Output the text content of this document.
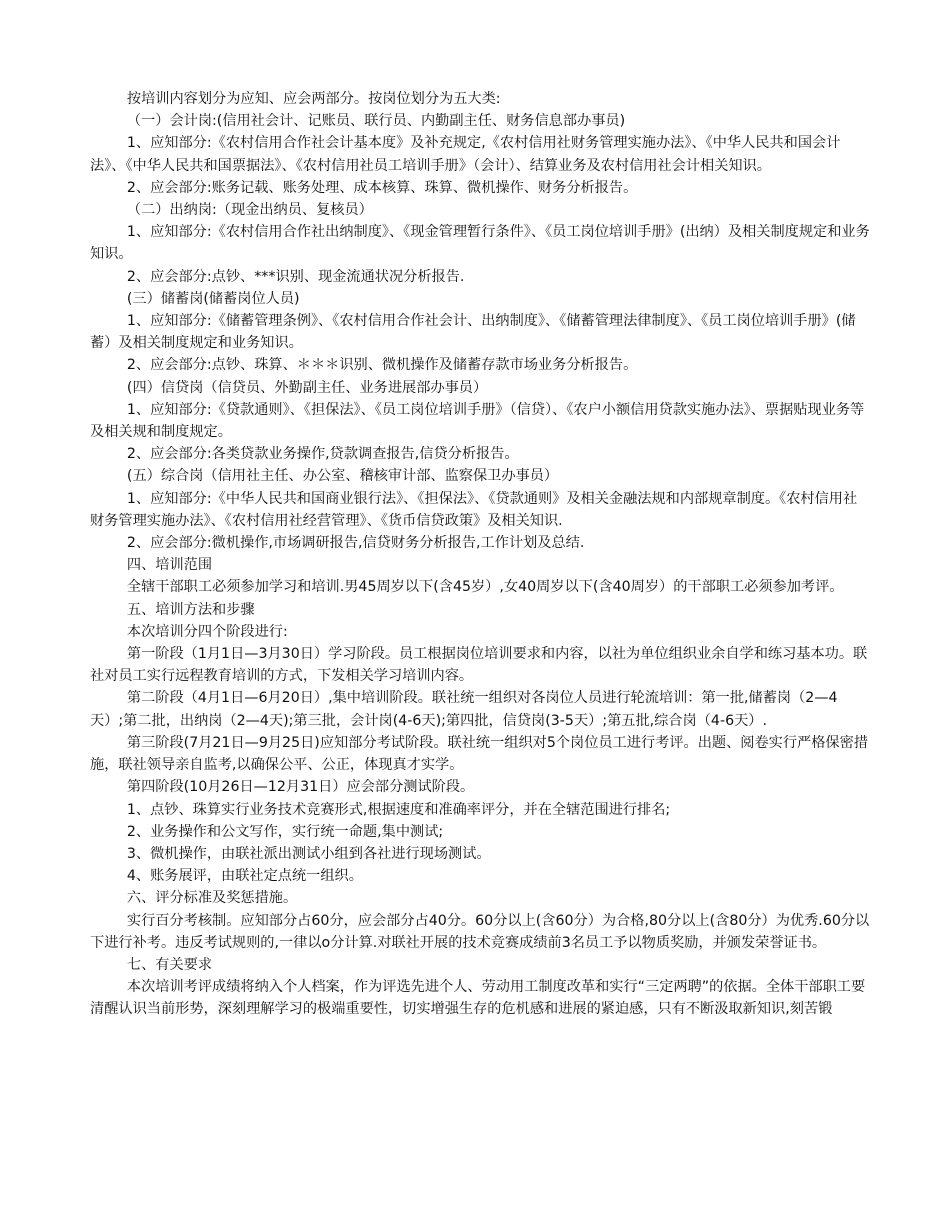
按培训内容划分为应知、应会两部分。按岗位划分为五大类:

（一）会计岗:(信用社会计、记账员、联行员、内勤副主任、财务信息部办事员)

1、应知部分:《农村信用合作社会计基本度》及补充规定,《农村信用社财务管理实施办法》、《中华人民共和国会计法》、《中华人民共和国票据法》、《农村信用社员工培训手册》（会计）、结算业务及农村信用社会计相关知识。

2、应会部分:账务记载、账务处理、成本核算、珠算、微机操作、财务分析报告。

（二）出纳岗:（现金出纳员、复核员）

1、应知部分:《农村信用合作社出纳制度》、《现金管理暂行条件》、《员工岗位培训手册》(出纳）及相关制度规定和业务知识。

2、应会部分:点钞、***识别、现金流通状况分析报告.

(三）储蓄岗(储蓄岗位人员)

1、应知部分:《储蓄管理条例》、《农村信用合作社会计、出纳制度》、《储蓄管理法律制度》、《员工岗位培训手册》(储蓄）及相关制度规定和业务知识。

2、应会部分:点钞、珠算、＊＊＊识别、微机操作及储蓄存款市场业务分析报告。

(四）信贷岗（信贷员、外勤副主任、业务进展部办事员）

1、应知部分:《贷款通则》、《担保法》、《员工岗位培训手册》（信贷）、《农户小额信用贷款实施办法》、票据贴现业务等及相关规和制度规定。

2、应会部分:各类贷款业务操作,贷款调查报告,信贷分析报告。

(五）综合岗（信用社主任、办公室、稽核审计部、监察保卫办事员）

1、应知部分:《中华人民共和国商业银行法》、《担保法》、《贷款通则》及相关金融法规和内部规章制度。《农村信用社财务管理实施办法》、《农村信用社经营管理》、《货币信贷政策》及相关知识.

2、应会部分:微机操作,市场调研报告,信贷财务分析报告,工作计划及总结.

四、培训范围

全辖干部职工必须参加学习和培训.男45周岁以下(含45岁）,女40周岁以下(含40周岁）的干部职工必须参加考评。

五、培训方法和步骤

本次培训分四个阶段进行:

第一阶段（1月1日—3月30日）学习阶段。员工根据岗位培训要求和内容，以社为单位组织业余自学和练习基本功。联社对员工实行远程教育培训的方式，下发相关学习培训内容。

第二阶段（4月1日—6月20日）,集中培训阶段。联社统一组织对各岗位人员进行轮流培训：第一批,储蓄岗（2—4天）;第二批，出纳岗（2—4天);第三批，会计岗(4-6天);第四批，信贷岗(3-5天）;第五批,综合岗（4-6天）.

第三阶段(7月21日—9月25日)应知部分考试阶段。联社统一组织对5个岗位员工进行考评。出题、阅卷实行严格保密措施，联社领导亲自监考,以确保公平、公正，体现真才实学。

第四阶段(10月26日—12月31日）应会部分测试阶段。

1、点钞、珠算实行业务技术竞赛形式,根据速度和准确率评分，并在全辖范围进行排名;

2、业务操作和公文写作，实行统一命题,集中测试;

3、微机操作，由联社派出测试小组到各社进行现场测试。

4、账务展评，由联社定点统一组织。

六、评分标准及奖惩措施。

实行百分考核制。应知部分占60分，应会部分占40分。60分以上(含60分）为合格,80分以上(含80分）为优秀.60分以下进行补考。违反考试规则的,一律以o分计算.对联社开展的技术竞赛成绩前3名员工予以物质奖励，并颁发荣誉证书。

七、有关要求

本次培训考评成绩将纳入个人档案，作为评选先进个人、劳动用工制度改革和实行“三定两聘”的依据。全体干部职工要清醒认识当前形势，深刻理解学习的极端重要性，切实增强生存的危机感和进展的紧迫感，只有不断汲取新知识,刻苦锻
